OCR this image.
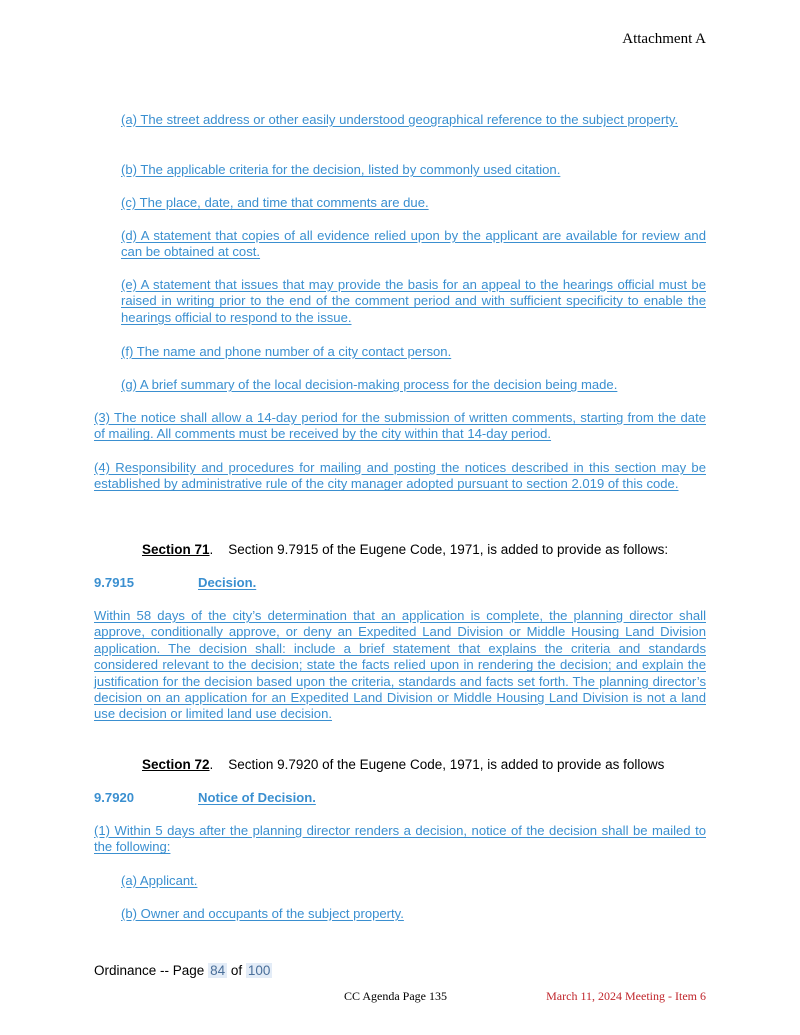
Attachment A
(a) The street address or other easily understood geographical reference to the subject property.
(b) The applicable criteria for the decision, listed by commonly used citation.
(c) The place, date, and time that comments are due.
(d) A statement that copies of all evidence relied upon by the applicant are available for review and can be obtained at cost.
(e) A statement that issues that may provide the basis for an appeal to the hearings official must be raised in writing prior to the end of the comment period and with sufficient specificity to enable the hearings official to respond to the issue.
(f) The name and phone number of a city contact person.
(g) A brief summary of the local decision-making process for the decision being made.
(3) The notice shall allow a 14-day period for the submission of written comments, starting from the date of mailing. All comments must be received by the city within that 14-day period.
(4) Responsibility and procedures for mailing and posting the notices described in this section may be established by administrative rule of the city manager adopted pursuant to section 2.019 of this code.
Section 71.    Section 9.7915 of the Eugene Code, 1971, is added to provide as follows:
9.7915	Decision.
Within 58 days of the city’s determination that an application is complete, the planning director shall approve, conditionally approve, or deny an Expedited Land Division or Middle Housing Land Division application. The decision shall: include a brief statement that explains the criteria and standards considered relevant to the decision; state the facts relied upon in rendering the decision; and explain the justification for the decision based upon the criteria, standards and facts set forth. The planning director’s decision on an application for an Expedited Land Division or Middle Housing Land Division is not a land use decision or limited land use decision.
Section 72.    Section 9.7920 of the Eugene Code, 1971, is added to provide as follows
9.7920	Notice of Decision.
(1) Within 5 days after the planning director renders a decision, notice of the decision shall be mailed to the following:
(a) Applicant.
(b) Owner and occupants of the subject property.
Ordinance -- Page 84 of 100
CC Agenda Page 135	March 11, 2024 Meeting - Item 6
